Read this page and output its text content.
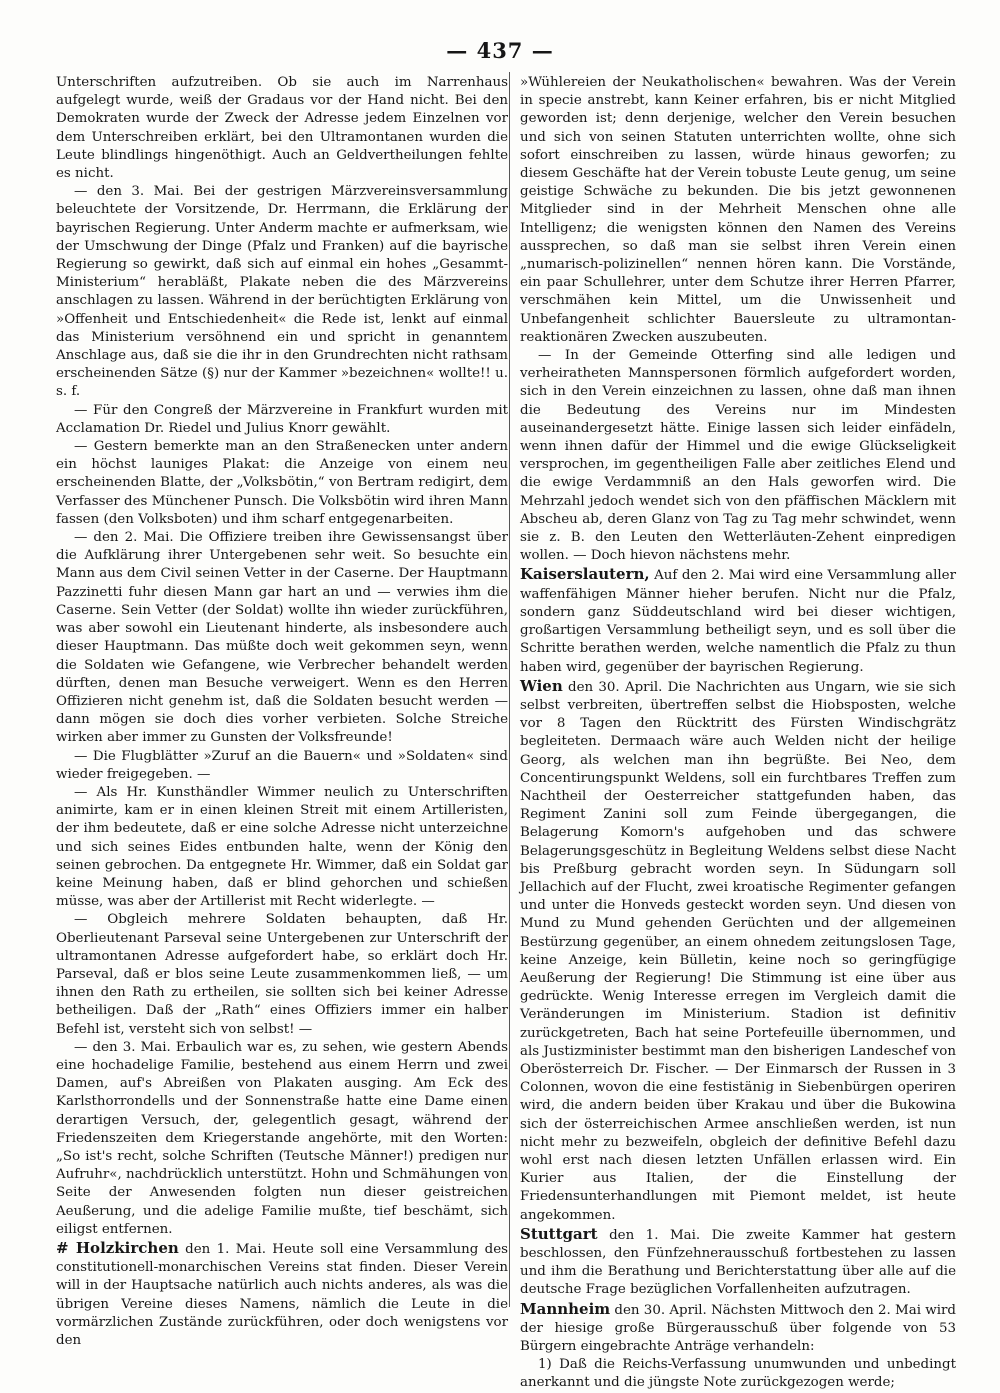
— 437 —

Unterschriften aufzutreiben. Ob sie auch im Narrenhaus aufgelegt wurde, weiß der Gradaus vor der Hand nicht. Bei den Demokraten wurde der Zweck der Adresse jedem Einzelnen vor dem Unterschreiben erklärt, bei den Ultramontanen wurden die Leute blindlings hingenöthigt. Auch an Geldvertheilungen fehlte es nicht.

— den 3. Mai. Bei der gestrigen Märzvereinsversammlung beleuchtete der Vorsitzende, Dr. Herrmann, die Erklärung der bayrischen Regierung. Unter Anderm machte er aufmerksam, wie der Umschwung der Dinge (Pfalz und Franken) auf die bayrische Regierung so gewirkt, daß sich auf einmal ein hohes „Gesammt-Ministerium“ herabläßt, Plakate neben die des Märzvereins anschlagen zu lassen. Während in der berüchtigten Erklärung von »Offenheit und Entschiedenheit« die Rede ist, lenkt auf einmal das Ministerium versöhnend ein und spricht in genanntem Anschlage aus, daß sie die ihr in den Grundrechten nicht rathsam erscheinenden Sätze (§) nur der Kammer »bezeichnen« wollte!! u. s. f.

— Für den Congreß der Märzvereine in Frankfurt wurden mit Acclamation Dr. Riedel und Julius Knorr gewählt.

— Gestern bemerkte man an den Straßenecken unter andern ein höchst launiges Plakat: die Anzeige von einem neu erscheinenden Blatte, der „Volksbötin,“ von Bertram redigirt, dem Verfasser des Münchener Punsch. Die Volksbötin wird ihren Mann fassen (den Volksboten) und ihm scharf entgegenarbeiten.

— den 2. Mai. Die Offiziere treiben ihre Gewissensangst über die Aufklärung ihrer Untergebenen sehr weit. So besuchte ein Mann aus dem Civil seinen Vetter in der Caserne. Der Hauptmann Pazzinetti fuhr diesen Mann gar hart an und — verwies ihm die Caserne. Sein Vetter (der Soldat) wollte ihn wieder zurückführen, was aber sowohl ein Lieutenant hinderte, als insbesondere auch dieser Hauptmann. Das müßte doch weit gekommen seyn, wenn die Soldaten wie Gefangene, wie Verbrecher behandelt werden dürften, denen man Besuche verweigert. Wenn es den Herren Offizieren nicht genehm ist, daß die Soldaten besucht werden — dann mögen sie doch dies vorher verbieten. Solche Streiche wirken aber immer zu Gunsten der Volksfreunde!

— Die Flugblätter »Zuruf an die Bauern« und »Soldaten« sind wieder freigegeben. —

— Als Hr. Kunsthändler Wimmer neulich zu Unterschriften animirte, kam er in einen kleinen Streit mit einem Artilleristen, der ihm bedeutete, daß er eine solche Adresse nicht unterzeichne und sich seines Eides entbunden halte, wenn der König den seinen gebrochen. Da entgegnete Hr. Wimmer, daß ein Soldat gar keine Meinung haben, daß er blind gehorchen und schießen müsse, was aber der Artillerist mit Recht widerlegte. —

— Obgleich mehrere Soldaten behaupten, daß Hr. Oberlieutenant Parseval seine Untergebenen zur Unterschrift der ultramontanen Adresse aufgefordert habe, so erklärt doch Hr. Parseval, daß er blos seine Leute zusammenkommen ließ, — um ihnen den Rath zu ertheilen, sie sollten sich bei keiner Adresse betheiligen. Daß der „Rath“ eines Offiziers immer ein halber Befehl ist, versteht sich von selbst! —

— den 3. Mai. Erbaulich war es, zu sehen, wie gestern Abends eine hochadelige Familie, bestehend aus einem Herrn und zwei Damen, auf's Abreißen von Plakaten ausging. Am Eck des Karlsthorrondells und der Sonnenstraße hatte eine Dame einen derartigen Versuch, der, gelegentlich gesagt, während der Friedenszeiten dem Kriegerstande angehörte, mit den Worten: „So ist's recht, solche Schriften (Teutsche Männer!) predigen nur Aufruhr«, nachdrücklich unterstützt. Hohn und Schmähungen von Seite der Anwesenden folgten nun dieser geistreichen Aeußerung, und die adelige Familie mußte, tief beschämt, sich eiligst entfernen.

# Holzkirchen den 1. Mai. Heute soll eine Versammlung des constitutionell-monarchischen Vereins stat finden. Dieser Verein will in der Hauptsache natürlich auch nichts anderes, als was die übrigen Vereine dieses Namens, nämlich die Leute in die vormärzlichen Zustände zurückführen, oder doch wenigstens vor den

»Wühlereien der Neukatholischen« bewahren. Was der Verein in specie anstrebt, kann Keiner erfahren, bis er nicht Mitglied geworden ist; denn derjenige, welcher den Verein besuchen und sich von seinen Statuten unterrichten wollte, ohne sich sofort einschreiben zu lassen, würde hinaus geworfen; zu diesem Geschäfte hat der Verein tobuste Leute genug, um seine geistige Schwäche zu bekunden. Die bis jetzt gewonnenen Mitglieder sind in der Mehrheit Menschen ohne alle Intelligenz; die wenigsten können den Namen des Vereins aussprechen, so daß man sie selbst ihren Verein einen „numarisch-polizinellen“ nennen hören kann. Die Vorstände, ein paar Schullehrer, unter dem Schutze ihrer Herren Pfarrer, verschmähen kein Mittel, um die Unwissenheit und Unbefangenheit schlichter Bauersleute zu ultramontan-reaktionären Zwecken auszubeuten.

— In der Gemeinde Otterfing sind alle ledigen und verheiratheten Mannspersonen förmlich aufgefordert worden, sich in den Verein einzeichnen zu lassen, ohne daß man ihnen die Bedeutung des Vereins nur im Mindesten auseinandergesetzt hätte. Einige lassen sich leider einfädeln, wenn ihnen dafür der Himmel und die ewige Glückseligkeit versprochen, im gegentheiligen Falle aber zeitliches Elend und die ewige Verdammniß an den Hals geworfen wird. Die Mehrzahl jedoch wendet sich von den pfäffischen Mäcklern mit Abscheu ab, deren Glanz von Tag zu Tag mehr schwindet, wenn sie z. B. den Leuten den Wetterläuten-Zehent einpredigen wollen. — Doch hievon nächstens mehr.

Kaiserslautern, Auf den 2. Mai wird eine Versammlung aller waffenfähigen Männer hieher berufen. Nicht nur die Pfalz, sondern ganz Süddeutschland wird bei dieser wichtigen, großartigen Versammlung betheiligt seyn, und es soll über die Schritte berathen werden, welche namentlich die Pfalz zu thun haben wird, gegenüber der bayrischen Regierung.

Wien den 30. April. Die Nachrichten aus Ungarn, wie sie sich selbst verbreiten, übertreffen selbst die Hiobsposten, welche vor 8 Tagen den Rücktritt des Fürsten Windischgrätz begleiteten. Dermaach wäre auch Welden nicht der heilige Georg, als welchen man ihn begrüßte. Bei Neo, dem Concentirungspunkt Weldens, soll ein furchtbares Treffen zum Nachtheil der Oesterreicher stattgefunden haben, das Regiment Zanini soll zum Feinde übergegangen, die Belagerung Komorn's aufgehoben und das schwere Belagerungsgeschütz in Begleitung Weldens selbst diese Nacht bis Preßburg gebracht worden seyn. In Südungarn soll Jellachich auf der Flucht, zwei kroatische Regimenter gefangen und unter die Honveds gesteckt worden seyn. Und diesen von Mund zu Mund gehenden Gerüchten und der allgemeinen Bestürzung gegenüber, an einem ohnedem zeitungslosen Tage, keine Anzeige, kein Bülletin, keine noch so geringfügige Aeußerung der Regierung! Die Stimmung ist eine über aus gedrückte. Wenig Interesse erregen im Vergleich damit die Veränderungen im Ministerium. Stadion ist definitiv zurückgetreten, Bach hat seine Portefeuille übernommen, und als Justizminister bestimmt man den bisherigen Landeschef von Oberösterreich Dr. Fischer. — Der Einmarsch der Russen in 3 Colonnen, wovon die eine festistänig in Siebenbürgen operiren wird, die andern beiden über Krakau und über die Bukowina sich der österreichischen Armee anschließen werden, ist nun nicht mehr zu bezweifeln, obgleich der definitive Befehl dazu wohl erst nach diesen letzten Unfällen erlassen wird. Ein Kurier aus Italien, der die Einstellung der Friedensunterhandlungen mit Piemont meldet, ist heute angekommen.

Stuttgart den 1. Mai. Die zweite Kammer hat gestern beschlossen, den Fünfzehnerausschuß fortbestehen zu lassen und ihm die Berathung und Berichterstattung über alle auf die deutsche Frage bezüglichen Vorfallenheiten aufzutragen.

Mannheim den 30. April. Nächsten Mittwoch den 2. Mai wird der hiesige große Bürgerausschuß über folgende von 53 Bürgern eingebrachte Anträge verhandeln:

1) Daß die Reichs-Verfassung unumwunden und unbedingt anerkannt und die jüngste Note zurückgezogen werde;
